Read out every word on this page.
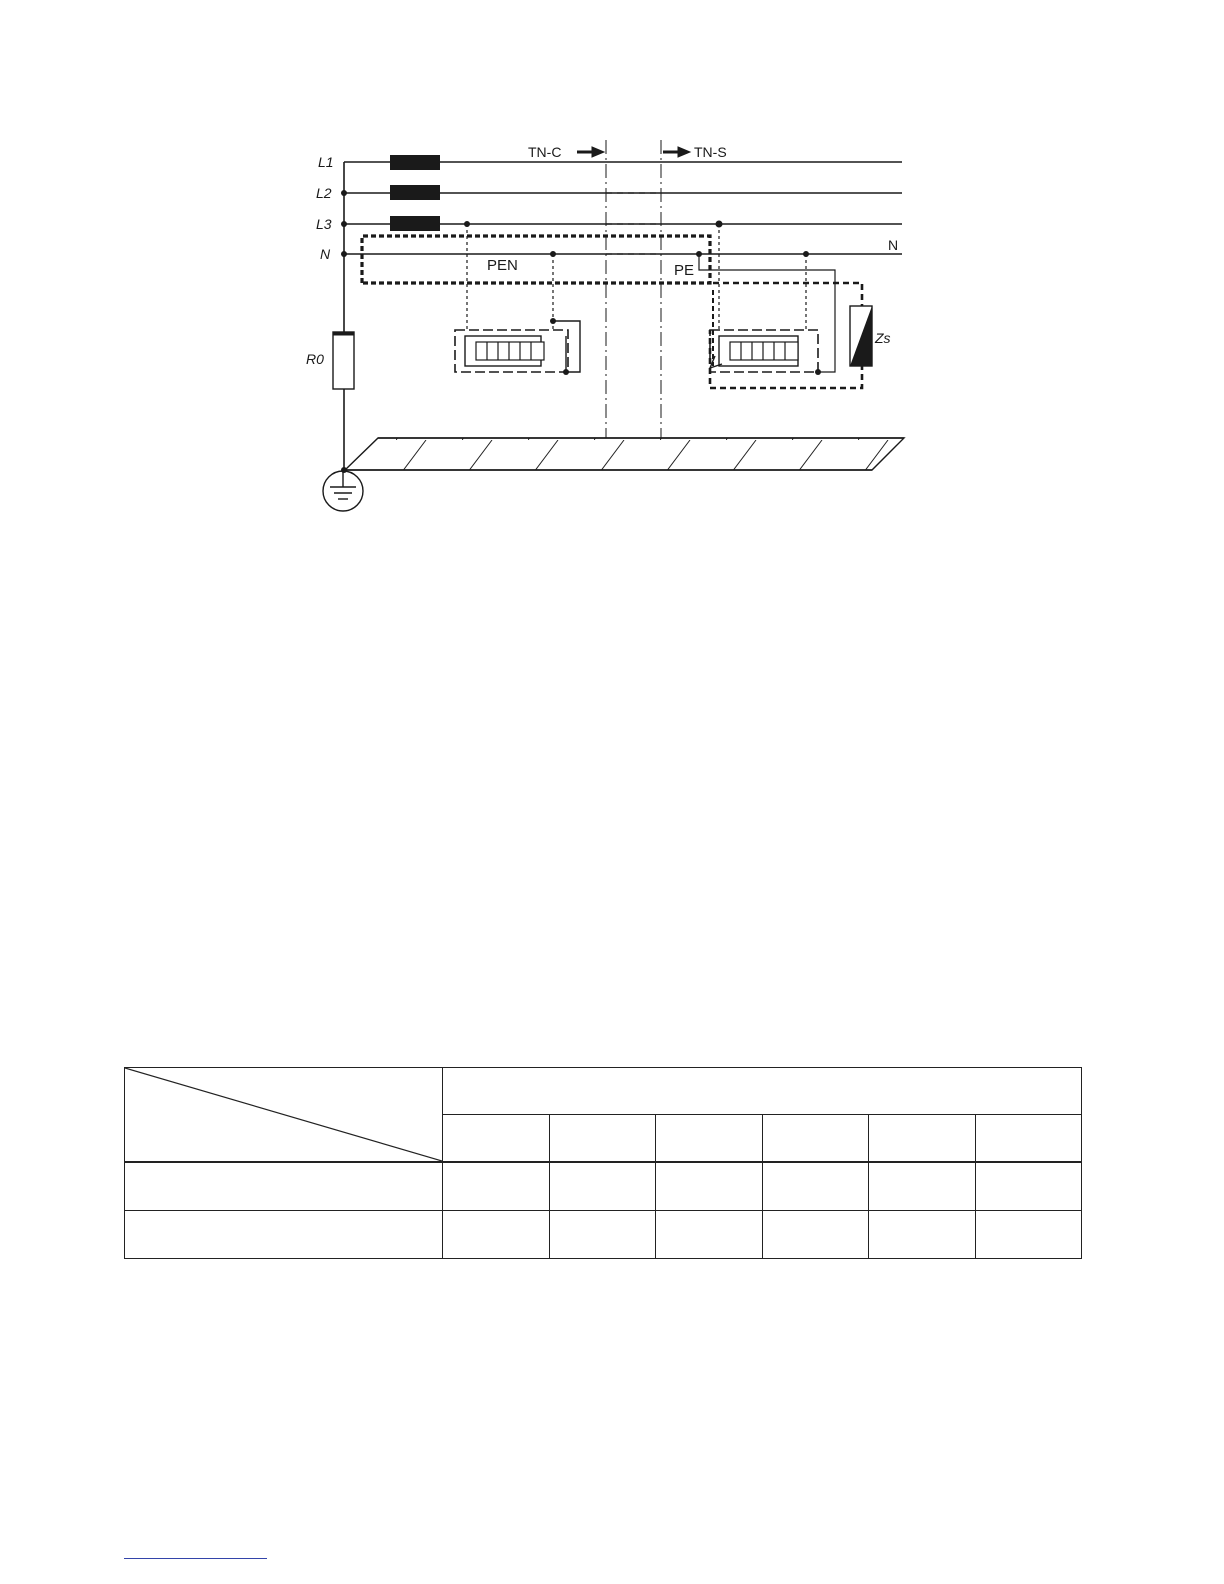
L1
L2
L3
N
N
TN-C	TN-S
PEN	PE
R0
Zs
